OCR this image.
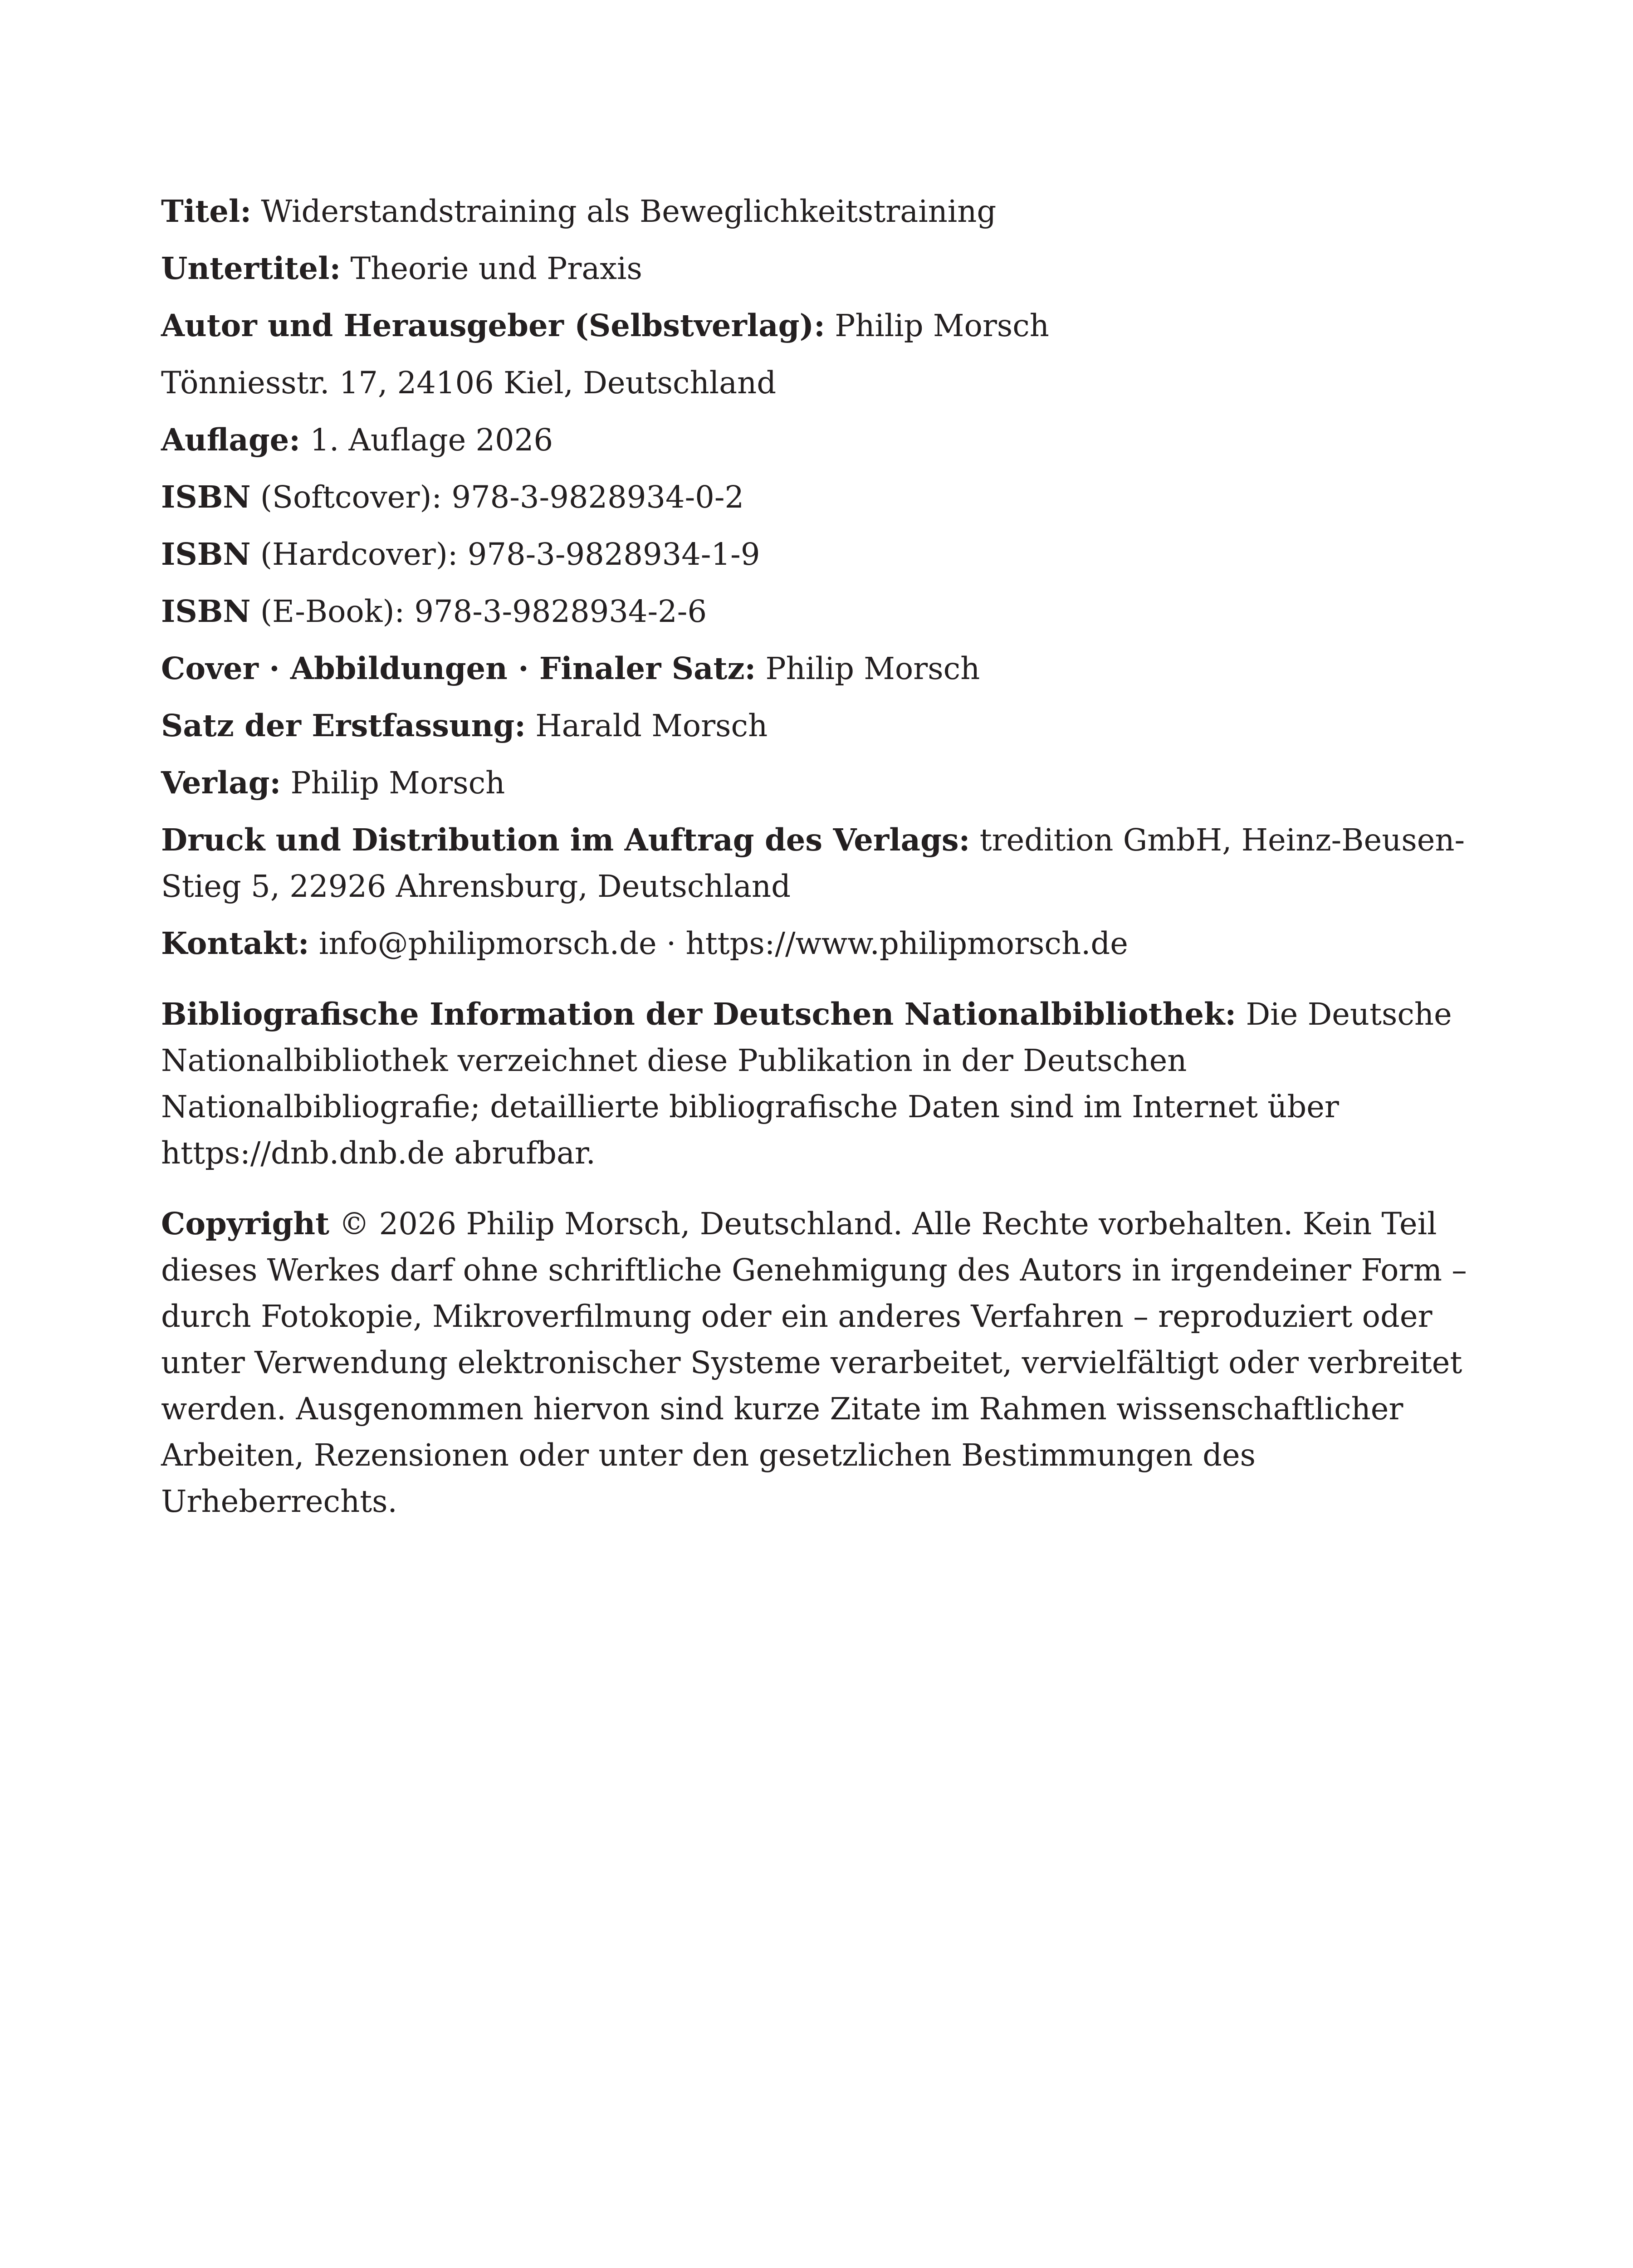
Titel: Widerstandstraining als Beweglichkeitstraining
Untertitel: Theorie und Praxis
Autor und Herausgeber (Selbstverlag): Philip Morsch
Tönniesstr. 17, 24106 Kiel, Deutschland
Auflage: 1. Auflage 2026
ISBN (Softcover): 978-3-9828934-0-2
ISBN (Hardcover): 978-3-9828934-1-9
ISBN (E-Book): 978-3-9828934-2-6
Cover · Abbildungen · Finaler Satz: Philip Morsch
Satz der Erstfassung: Harald Morsch
Verlag: Philip Morsch
Druck und Distribution im Auftrag des Verlags: tredition GmbH, Heinz-Beusen-Stieg 5, 22926 Ahrensburg, Deutschland
Kontakt: info@philipmorsch.de · https://www.philipmorsch.de

Bibliografische Information der Deutschen Nationalbibliothek: Die Deutsche Nationalbibliothek verzeichnet diese Publikation in der Deutschen Nationalbibliografie; detaillierte bibliografische Daten sind im Internet über https://dnb.dnb.de abrufbar.

Copyright © 2026 Philip Morsch, Deutschland. Alle Rechte vorbehalten. Kein Teil dieses Werkes darf ohne schriftliche Genehmigung des Autors in irgendeiner Form – durch Fotokopie, Mikroverfilmung oder ein anderes Verfahren – reproduziert oder unter Verwendung elektronischer Systeme verarbeitet, vervielfältigt oder verbreitet werden. Ausgenommen hiervon sind kurze Zitate im Rahmen wissenschaftlicher Arbeiten, Rezensionen oder unter den gesetzlichen Bestimmungen des Urheberrechts.
